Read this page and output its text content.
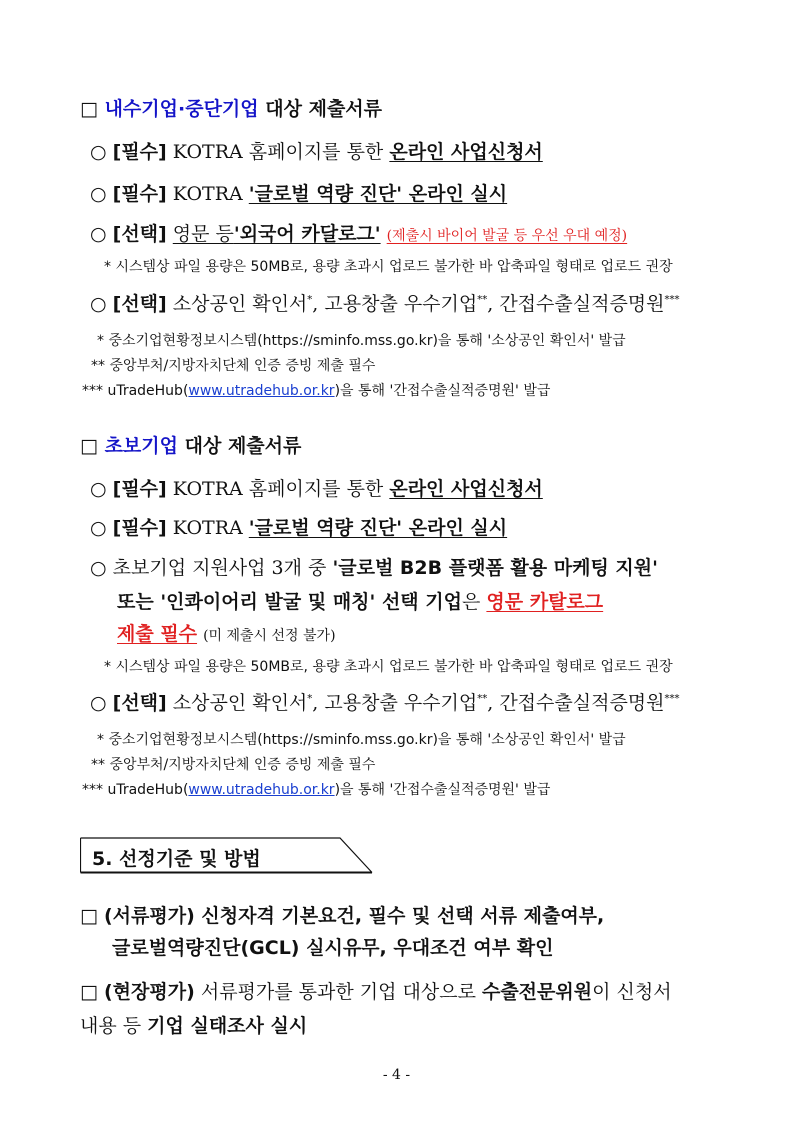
□ 내수기업·중단기업 대상 제출서류
○ [필수] KOTRA 홈페이지를 통한 온라인 사업신청서
○ [필수] KOTRA '글로벌 역량 진단' 온라인 실시
○ [선택] 영문 등'외국어 카달로그' (제출시 바이어 발굴 등 우선 우대 예정)
* 시스템상 파일 용량은 50MB로, 용량 초과시 업로드 불가한 바 압축파일 형태로 업로드 권장
○ [선택] 소상공인 확인서*, 고용창출 우수기업**, 간접수출실적증명원***
* 중소기업현황정보시스템(https://sminfo.mss.go.kr)을 통해 '소상공인 확인서' 발급
** 중앙부처/지방자치단체 인증 증빙 제출 필수
*** uTradeHub(www.utradehub.or.kr)을 통해 '간접수출실적증명원' 발급
□ 초보기업 대상 제출서류
○ [필수] KOTRA 홈페이지를 통한 온라인 사업신청서
○ [필수] KOTRA '글로벌 역량 진단' 온라인 실시
○ 초보기업 지원사업 3개 중 '글로벌 B2B 플랫폼 활용 마케팅 지원'
또는 '인콰이어리 발굴 및 매칭' 선택 기업은 영문 카탈로그
제출 필수 (미 제출시 선정 불가)
* 시스템상 파일 용량은 50MB로, 용량 초과시 업로드 불가한 바 압축파일 형태로 업로드 권장
○ [선택] 소상공인 확인서*, 고용창출 우수기업**, 간접수출실적증명원***
* 중소기업현황정보시스템(https://sminfo.mss.go.kr)을 통해 '소상공인 확인서' 발급
** 중앙부처/지방자치단체 인증 증빙 제출 필수
*** uTradeHub(www.utradehub.or.kr)을 통해 '간접수출실적증명원' 발급
5. 선정기준 및 방법
□ (서류평가) 신청자격 기본요건, 필수 및 선택 서류 제출여부,
글로벌역량진단(GCL) 실시유무, 우대조건 여부 확인
□ (현장평가) 서류평가를 통과한 기업 대상으로 수출전문위원이 신청서
내용 등 기업 실태조사 실시
- 4 -
